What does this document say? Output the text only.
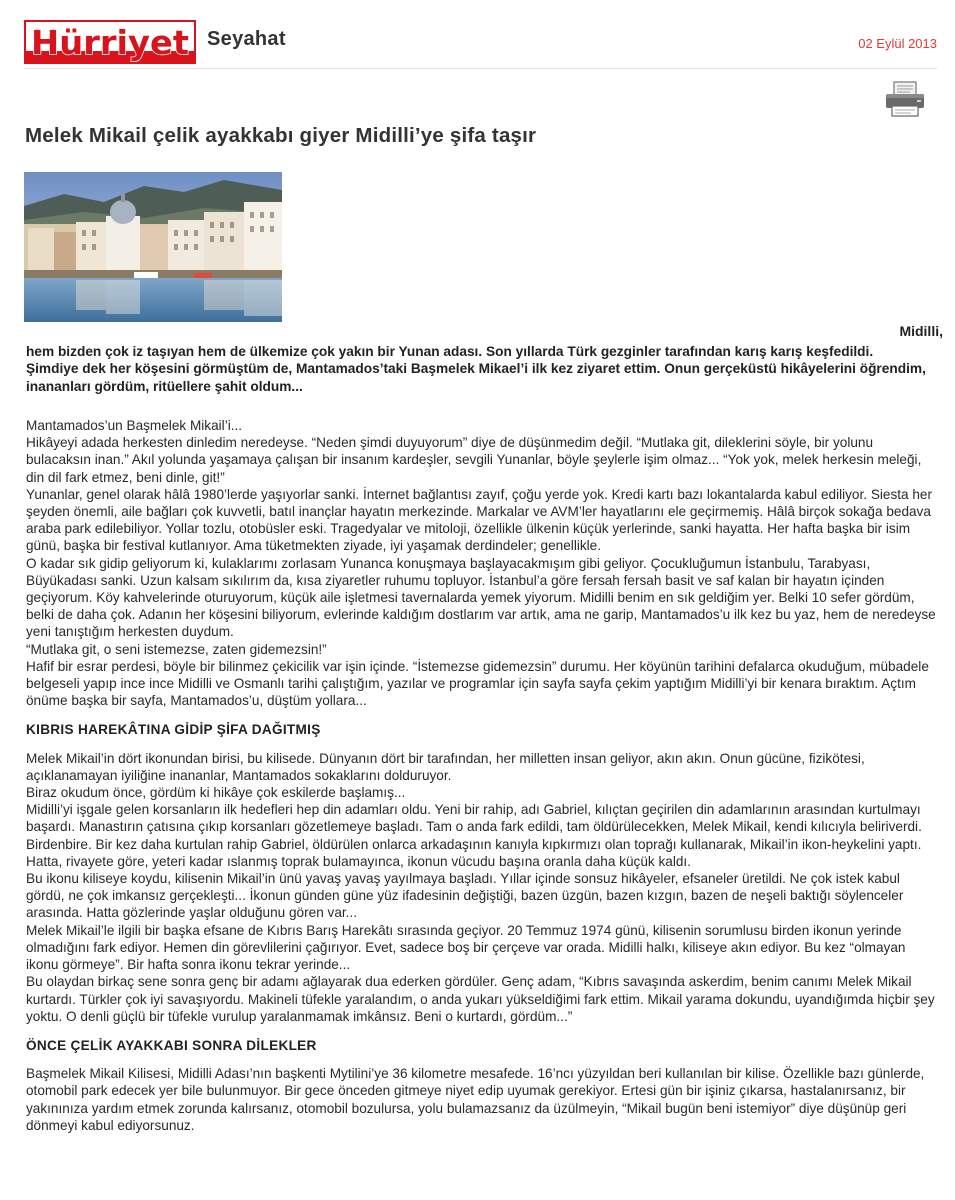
Hürriyet Seyahat	02 Eylül 2013
Melek Mikail çelik ayakkabı giyer Midilli’ye şifa taşır
Midilli,

hem bizden çok iz taşıyan hem de ülkemize çok yakın bir Yunan adası. Son yıllarda Türk gezginler tarafından karış karış keşfedildi. Şimdiye dek her köşesini görmüştüm de, Mantamados’taki Başmelek Mikael’i ilk kez ziyaret ettim. Onun gerçeküstü hikâyelerini öğrendim, inananları gördüm, ritüellere şahit oldum...

Mantamados’un Başmelek Mikail’i...

Hikâyeyi adada herkesten dinledim neredeyse. “Neden şimdi duyuyorum” diye de düşünmedim değil. “Mutlaka git, dileklerini söyle, bir yolunu bulacaksın inan.” Akıl yolunda yaşamaya çalışan bir insanım kardeşler, sevgili Yunanlar, böyle şeylerle işim olmaz... “Yok yok, melek herkesin meleği, din dil fark etmez, beni dinle, git!”

Yunanlar, genel olarak hâlâ 1980’lerde yaşıyorlar sanki. İnternet bağlantısı zayıf, çoğu yerde yok. Kredi kartı bazı lokantalarda kabul ediliyor. Siesta her şeyden önemli, aile bağları çok kuvvetli, batıl inançlar hayatın merkezinde. Markalar ve AVM’ler hayatlarını ele geçirmemiş. Hâlâ birçok sokağa bedava araba park edilebiliyor. Yollar tozlu, otobüsler eski. Tragedyalar ve mitoloji, özellikle ülkenin küçük yerlerinde, sanki hayatta. Her hafta başka bir isim günü, başka bir festival kutlanıyor. Ama tüketmekten ziyade, iyi yaşamak derdindeler; genellikle.

O kadar sık gidip geliyorum ki, kulaklarımı zorlasam Yunanca konuşmaya başlayacakmışım gibi geliyor. Çocukluğumun İstanbulu, Tarabyası, Büyükadası sanki. Uzun kalsam sıkılırım da, kısa ziyaretler ruhumu topluyor. İstanbul’a göre fersah fersah basit ve saf kalan bir hayatın içinden geçiyorum. Köy kahvelerinde oturuyorum, küçük aile işletmesi tavernalarda yemek yiyorum. Midilli benim en sık geldiğim yer. Belki 10 sefer gördüm, belki de daha çok. Adanın her köşesini biliyorum, evlerinde kaldığım dostlarım var artık, ama ne garip, Mantamados’u ilk kez bu yaz, hem de neredeyse yeni tanıştığım herkesten duydum.

“Mutlaka git, o seni istemezse, zaten gidemezsin!”

Hafif bir esrar perdesi, böyle bir bilinmez çekicilik var işin içinde. “İstemezse gidemezsin” durumu. Her köyünün tarihini defalarca okuduğum, mübadele belgeseli yapıp ince ince Midilli ve Osmanlı tarihi çalıştığım, yazılar ve programlar için sayfa sayfa çekim yaptığım Midilli’yi bir kenara bıraktım. Açtım önüme başka bir sayfa, Mantamados’u, düştüm yollara...

KIBRIS HAREKÂTINA GİDİP ŞİFA DAĞITMIŞ

Melek Mikail’in dört ikonundan birisi, bu kilisede. Dünyanın dört bir tarafından, her milletten insan geliyor, akın akın. Onun gücüne, fizikötesi, açıklanamayan iyiliğine inananlar, Mantamados sokaklarını dolduruyor.

Biraz okudum önce, gördüm ki hikâye çok eskilerde başlamış...

Midilli’yi işgale gelen korsanların ilk hedefleri hep din adamları oldu. Yeni bir rahip, adı Gabriel, kılıçtan geçirilen din adamlarının arasından kurtulmayı başardı. Manastırın çatısına çıkıp korsanları gözetlemeye başladı. Tam o anda fark edildi, tam öldürülecekken, Melek Mikail, kendi kılıcıyla beliriverdi. Birdenbire. Bir kez daha kurtulan rahip Gabriel, öldürülen onlarca arkadaşının kanıyla kıpkırmızı olan toprağı kullanarak, Mikail’in ikon-heykelini yaptı. Hatta, rivayete göre, yeteri kadar ıslanmış toprak bulamayınca, ikonun vücudu başına oranla daha küçük kaldı.

Bu ikonu kiliseye koydu, kilisenin Mikail’in ünü yavaş yavaş yayılmaya başladı. Yıllar içinde sonsuz hikâyeler, efsaneler üretildi. Ne çok istek kabul gördü, ne çok imkansız gerçekleşti... İkonun günden güne yüz ifadesinin değiştiği, bazen üzgün, bazen kızgın, bazen de neşeli baktığı söylenceler arasında. Hatta gözlerinde yaşlar olduğunu gören var...

Melek Mikail’le ilgili bir başka efsane de Kıbrıs Barış Harekâtı sırasında geçiyor. 20 Temmuz 1974 günü, kilisenin sorumlusu birden ikonun yerinde olmadığını fark ediyor. Hemen din görevlilerini çağırıyor. Evet, sadece boş bir çerçeve var orada. Midilli halkı, kiliseye akın ediyor. Bu kez “olmayan ikonu görmeye”. Bir hafta sonra ikonu tekrar yerinde...

Bu olaydan birkaç sene sonra genç bir adamı ağlayarak dua ederken gördüler. Genç adam, “Kıbrıs savaşında askerdim, benim canımı Melek Mikail kurtardı. Türkler çok iyi savaşıyordu. Makineli tüfekle yaralandım, o anda yukarı yükseldiğimi fark ettim. Mikail yarama dokundu, uyandığımda hiçbir şey yoktu. O denli güçlü bir tüfekle vurulup yaralanmamak imkânsız. Beni o kurtardı, gördüm...”

ÖNCE ÇELİK AYAKKABI SONRA DİLEKLER

Başmelek Mikail Kilisesi, Midilli Adası’nın başkenti Mytilini’ye 36 kilometre mesafede. 16’ncı yüzyıldan beri kullanılan bir kilise. Özellikle bazı günlerde, otomobil park edecek yer bile bulunmuyor. Bir gece önceden gitmeye niyet edip uyumak gerekiyor. Ertesi gün bir işiniz çıkarsa, hastalanırsanız, bir yakınınıza yardım etmek zorunda kalırsanız, otomobil bozulursa, yolu bulamazsanız da üzülmeyin, “Mikail bugün beni istemiyor” diye düşünüp geri dönmeyi kabul ediyorsunuz.
